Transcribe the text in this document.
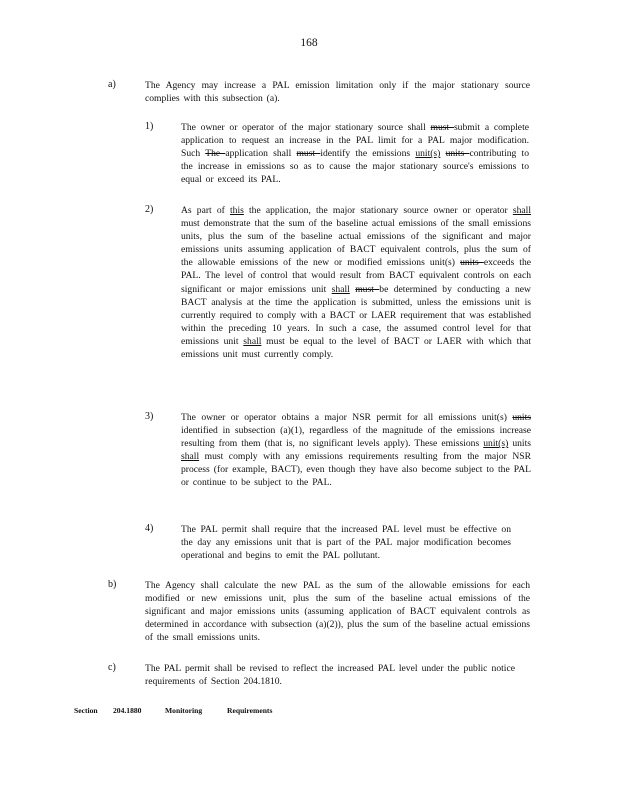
168
a)	The Agency may increase a PAL emission limitation only if the major stationary source complies with this subsection (a).
1)	The owner or operator of the major stationary source shall must submit a complete application to request an increase in the PAL limit for a PAL major modification. Such The application shall must identify the emissions unit(s) units contributing to the increase in emissions so as to cause the major stationary source's emissions to equal or exceed its PAL.
2)	As part of this the application, the major stationary source owner or operator shall must demonstrate that the sum of the baseline actual emissions of the small emissions units, plus the sum of the baseline actual emissions of the significant and major emissions units assuming application of BACT equivalent controls, plus the sum of the allowable emissions of the new or modified emissions unit(s) units exceeds the PAL. The level of control that would result from BACT equivalent controls on each significant or major emissions unit shall must be determined by conducting a new BACT analysis at the time the application is submitted, unless the emissions unit is currently required to comply with a BACT or LAER requirement that was established within the preceding 10 years. In such a case, the assumed control level for that emissions unit shall must be equal to the level of BACT or LAER with which that emissions unit must currently comply.
3)	The owner or operator obtains a major NSR permit for all emissions unit(s) units identified in subsection (a)(1), regardless of the magnitude of the emissions increase resulting from them (that is, no significant levels apply). These emissions unit(s) units shall must comply with any emissions requirements resulting from the major NSR process (for example, BACT), even though they have also become subject to the PAL or continue to be subject to the PAL.
4)	The PAL permit shall require that the increased PAL level must be effective on the day any emissions unit that is part of the PAL major modification becomes operational and begins to emit the PAL pollutant.
b)	The Agency shall calculate the new PAL as the sum of the allowable emissions for each modified or new emissions unit, plus the sum of the baseline actual emissions of the significant and major emissions units (assuming application of BACT equivalent controls as determined in accordance with subsection (a)(2)), plus the sum of the baseline actual emissions of the small emissions units.
c)	The PAL permit shall be revised to reflect the increased PAL level under the public notice requirements of Section 204.1810.
Section 204.1880	Monitoring	Requirements
